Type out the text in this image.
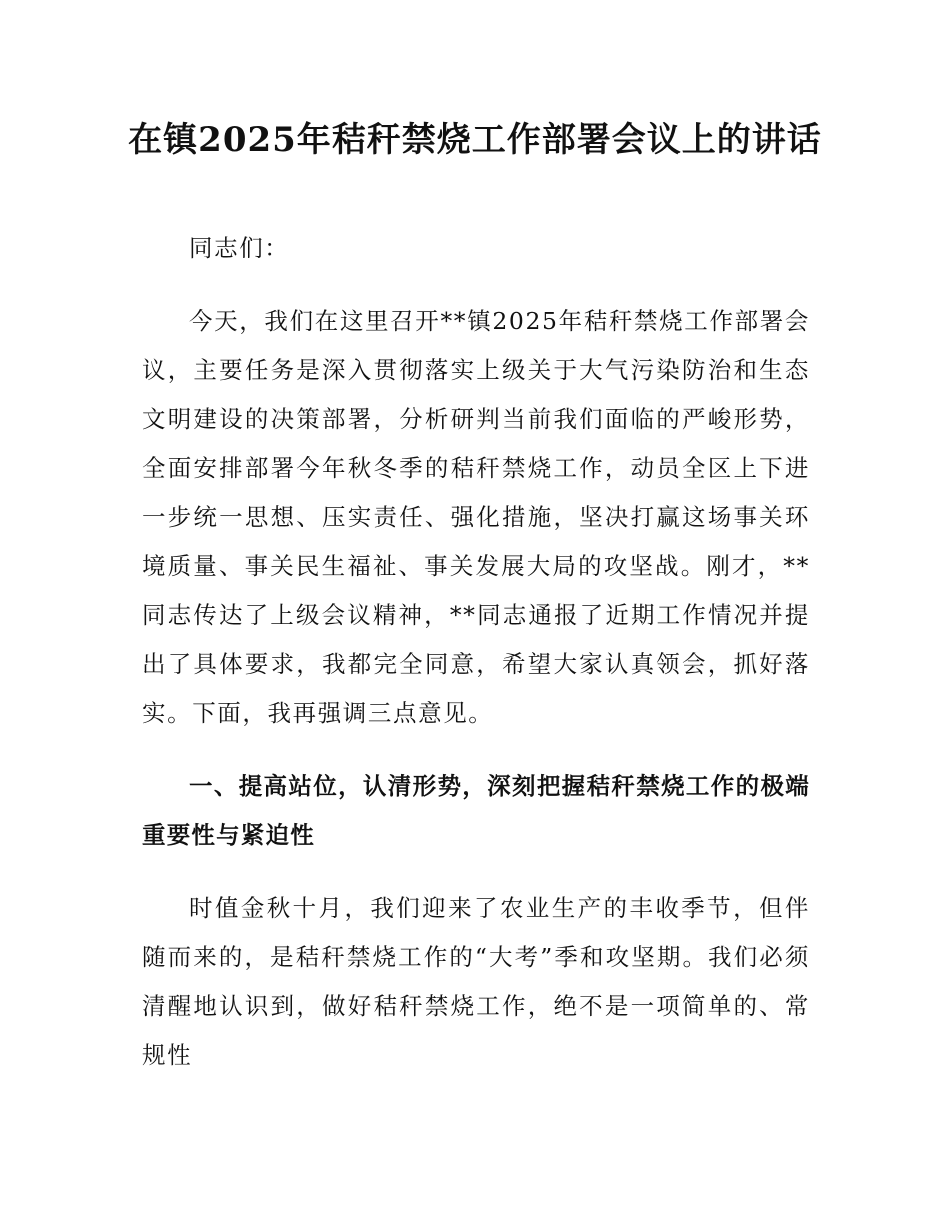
在镇2025年秸秆禁烧工作部署会议上的讲话

同志们：

今天，我们在这里召开**镇2025年秸秆禁烧工作部署会议，主要任务是深入贯彻落实上级关于大气污染防治和生态文明建设的决策部署，分析研判当前我们面临的严峻形势，全面安排部署今年秋冬季的秸秆禁烧工作，动员全区上下进一步统一思想、压实责任、强化措施，坚决打赢这场事关环境质量、事关民生福祉、事关发展大局的攻坚战。刚才，**同志传达了上级会议精神，**同志通报了近期工作情况并提出了具体要求，我都完全同意，希望大家认真领会，抓好落实。下面，我再强调三点意见。

一、提高站位，认清形势，深刻把握秸秆禁烧工作的极端重要性与紧迫性

时值金秋十月，我们迎来了农业生产的丰收季节，但伴随而来的，是秸秆禁烧工作的“大考”季和攻坚期。我们必须清醒地认识到，做好秸秆禁烧工作，绝不是一项简单的、常规性
